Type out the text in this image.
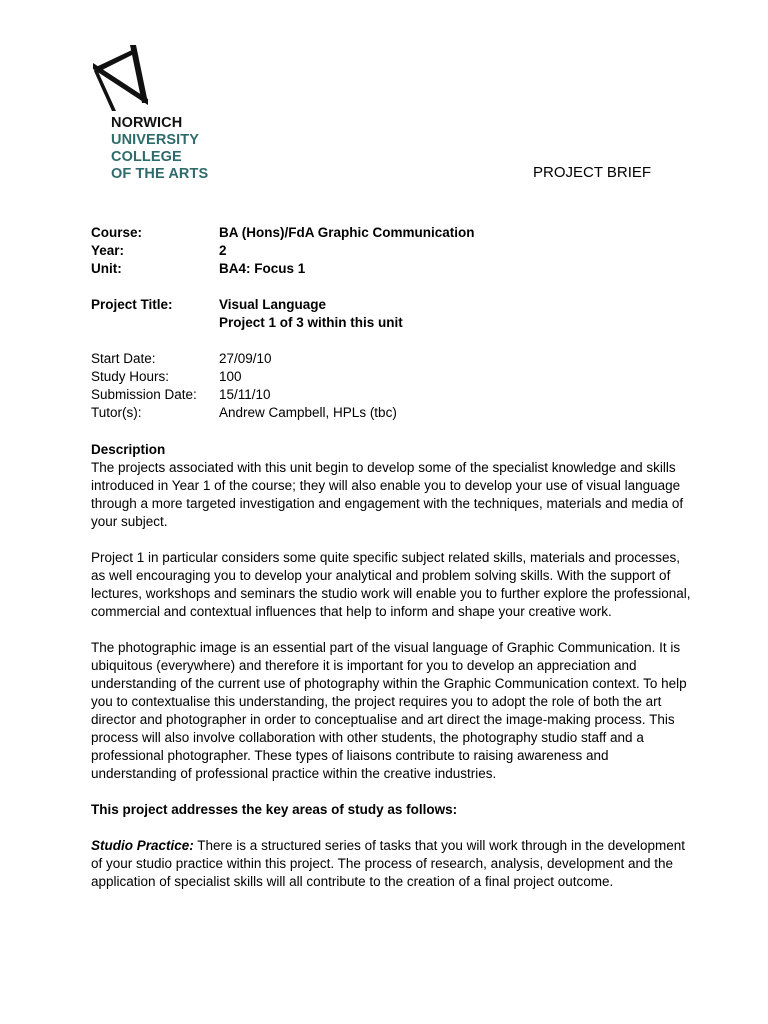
NORWICH
UNIVERSITY
COLLEGE
OF THE ARTS	PROJECT BRIEF
Course:	BA (Hons)/FdA Graphic Communication
Year:	2
Unit:	BA4: Focus 1
Project Title:	Visual Language
Project 1 of 3 within this unit
Start Date:	27/09/10
Study Hours:	100
Submission Date:	15/11/10
Tutor(s):	Andrew Campbell, HPLs (tbc)

Description

The projects associated with this unit begin to develop some of the specialist knowledge and skills introduced in Year 1 of the course; they will also enable you to develop your use of visual language through a more targeted investigation and engagement with the techniques, materials and media of your subject.

Project 1 in particular considers some quite specific subject related skills, materials and processes, as well encouraging you to develop your analytical and problem solving skills. With the support of lectures, workshops and seminars the studio work will enable you to further explore the professional, commercial and contextual influences that help to inform and shape your creative work.

The photographic image is an essential part of the visual language of Graphic Communication. It is ubiquitous (everywhere) and therefore it is important for you to develop an appreciation and understanding of the current use of photography within the Graphic Communication context. To help you to contextualise this understanding, the project requires you to adopt the role of both the art director and photographer in order to conceptualise and art direct the image-making process. This process will also involve collaboration with other students, the photography studio staff and a professional photographer. These types of liaisons contribute to raising awareness and understanding of professional practice within the creative industries.

This project addresses the key areas of study as follows:

Studio Practice: There is a structured series of tasks that you will work through in the development of your studio practice within this project. The process of research, analysis, development and the application of specialist skills will all contribute to the creation of a final project outcome.
